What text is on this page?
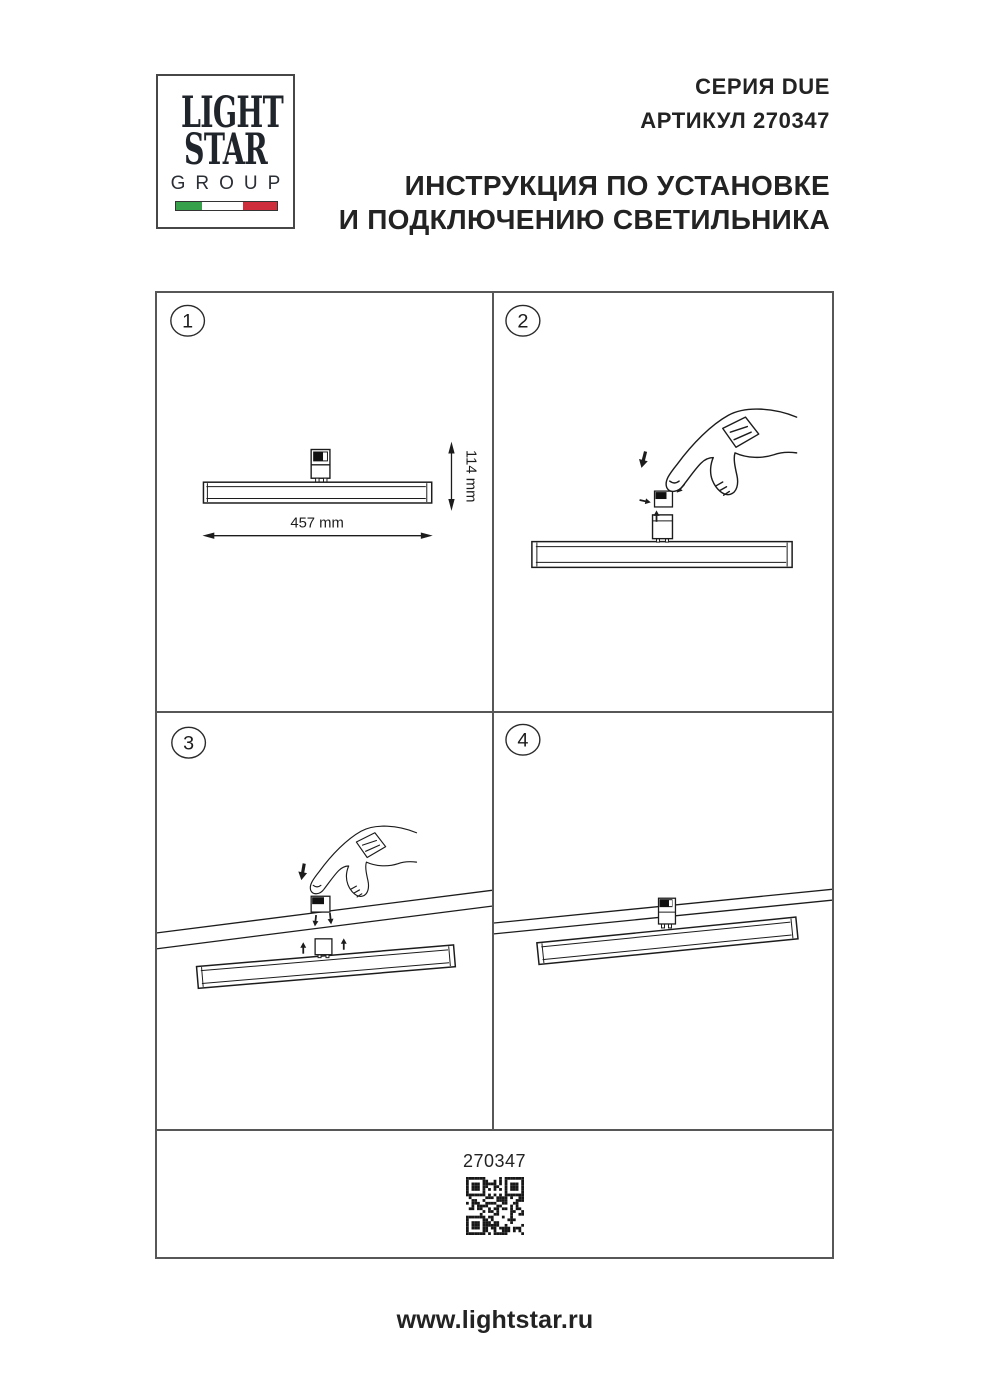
LIGHT
STAR
GROUP
СЕРИЯ DUE
АРТИКУЛ 270347
ИНСТРУКЦИЯ ПО УСТАНОВКЕ
И ПОДКЛЮЧЕНИЮ СВЕТИЛЬНИКА
1
114 mm
457 mm
2
3	4
270347
www.lightstar.ru
